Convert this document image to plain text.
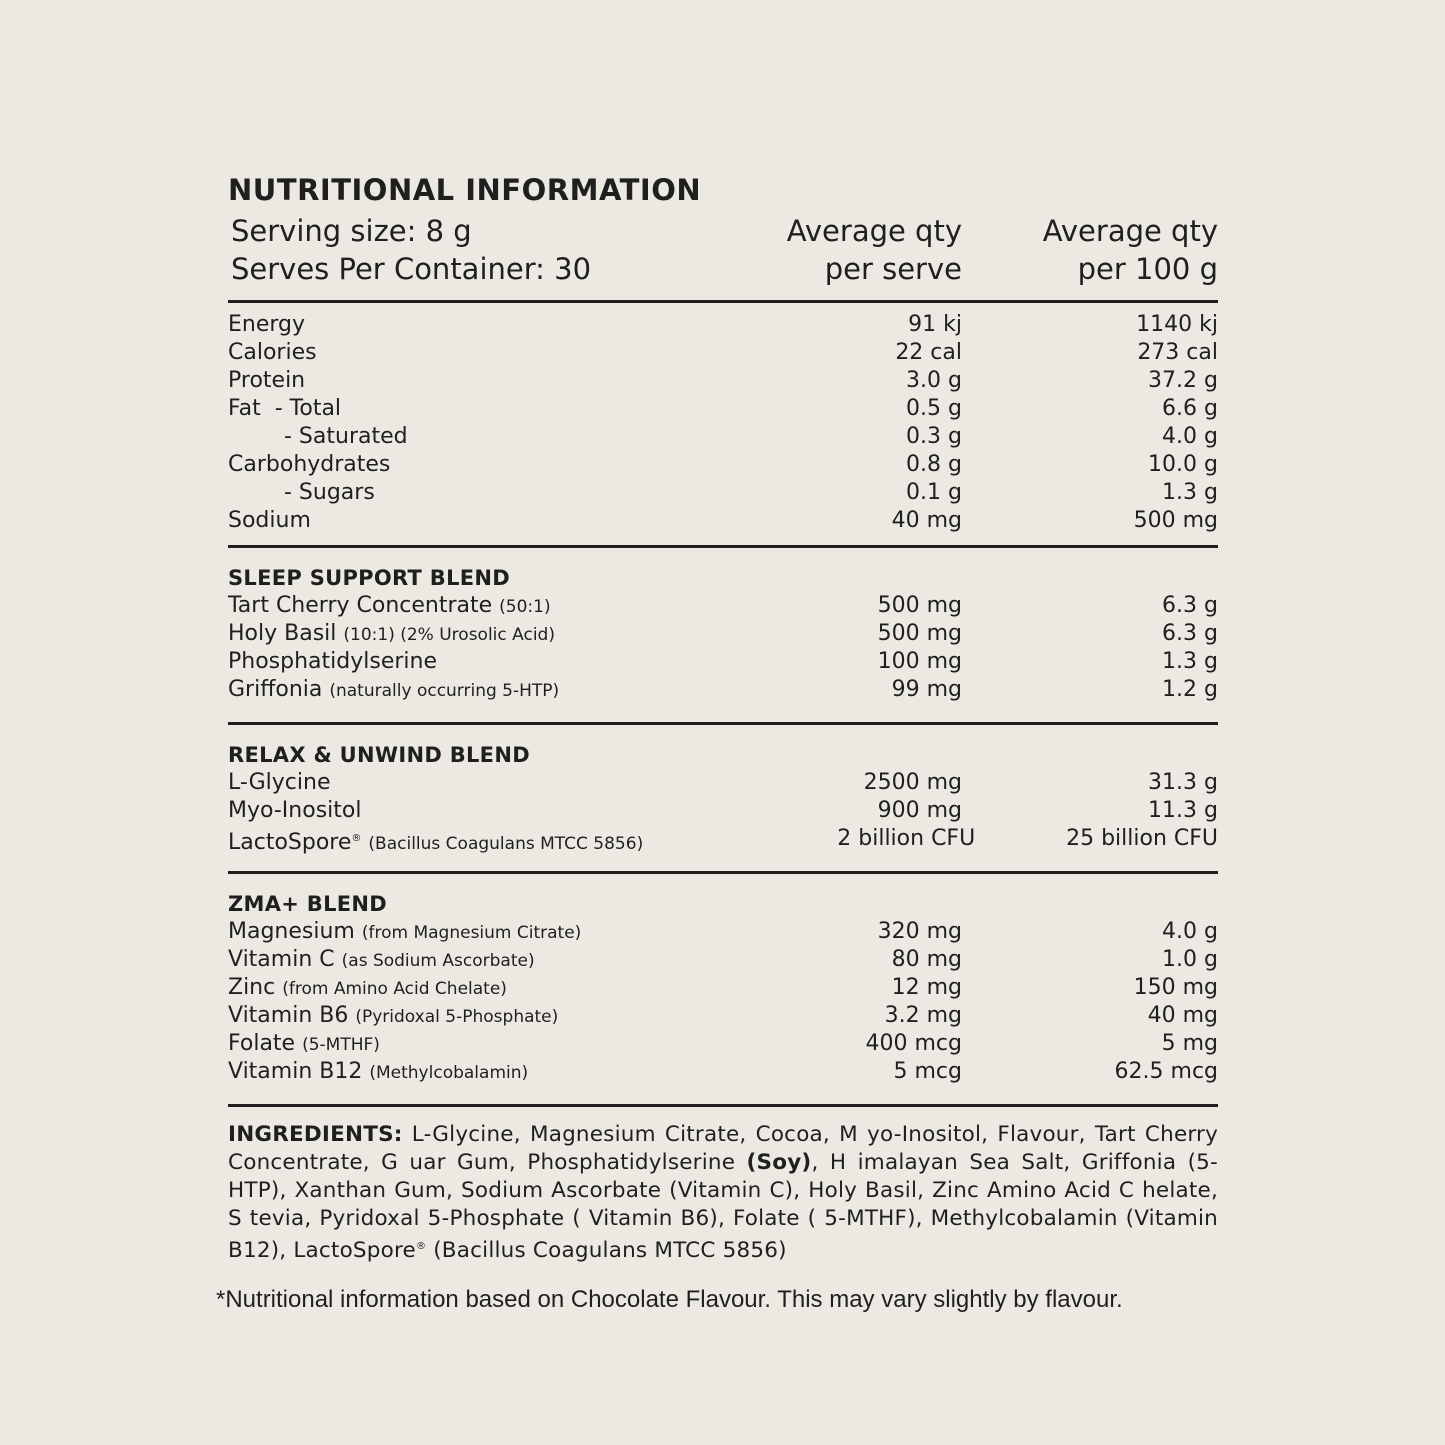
NUTRITIONAL INFORMATION
Serving size: 8 g
Serves Per Container: 30
Average qty
per serve
Average qty
per 100 g
Energy	91 kj	1140 kj
Calories	22 cal	273 cal
Protein	3.0 g	37.2 g
Fat  - Total	0.5 g	6.6 g
- Saturated	0.3 g	4.0 g
Carbohydrates	0.8 g	10.0 g
- Sugars	0.1 g	1.3 g
Sodium	40 mg	500 mg
SLEEP SUPPORT BLEND
Tart Cherry Concentrate (50:1)	500 mg	6.3 g
Holy Basil (10:1) (2% Urosolic Acid)	500 mg	6.3 g
Phosphatidylserine	100 mg	1.3 g
Griffonia (naturally occurring 5-HTP)	99 mg	1.2 g
RELAX & UNWIND BLEND
L-Glycine	2500 mg	31.3 g
Myo-Inositol	900 mg	11.3 g
LactoSpore® (Bacillus Coagulans MTCC 5856)	2 billion CFU	25 billion CFU
ZMA+ BLEND
Magnesium (from Magnesium Citrate)	320 mg	4.0 g
Vitamin C (as Sodium Ascorbate)	80 mg	1.0 g
Zinc (from Amino Acid Chelate)	12 mg	150 mg
Vitamin B6 (Pyridoxal 5-Phosphate)	3.2 mg	40 mg
Folate (5-MTHF)	400 mcg	5 mg
Vitamin B12 (Methylcobalamin)	5 mcg	62.5 mcg
INGREDIENTS: L-Glycine, Magnesium Citrate, Cocoa, M yo-Inositol, Flavour, Tart Cherry Concentrate, G uar Gum, Phosphatidylserine (Soy), H imalayan Sea Salt, Griffonia (5-HTP), Xanthan Gum, Sodium Ascorbate (Vitamin C), Holy Basil, Zinc Amino Acid C helate, S tevia, Pyridoxal 5-Phosphate ( Vitamin B6), Folate ( 5-MTHF), Methylcobalamin (Vitamin B12), LactoSpore® (Bacillus Coagulans MTCC 5856)
*Nutritional information based on Chocolate Flavour. This may vary slightly by flavour.
